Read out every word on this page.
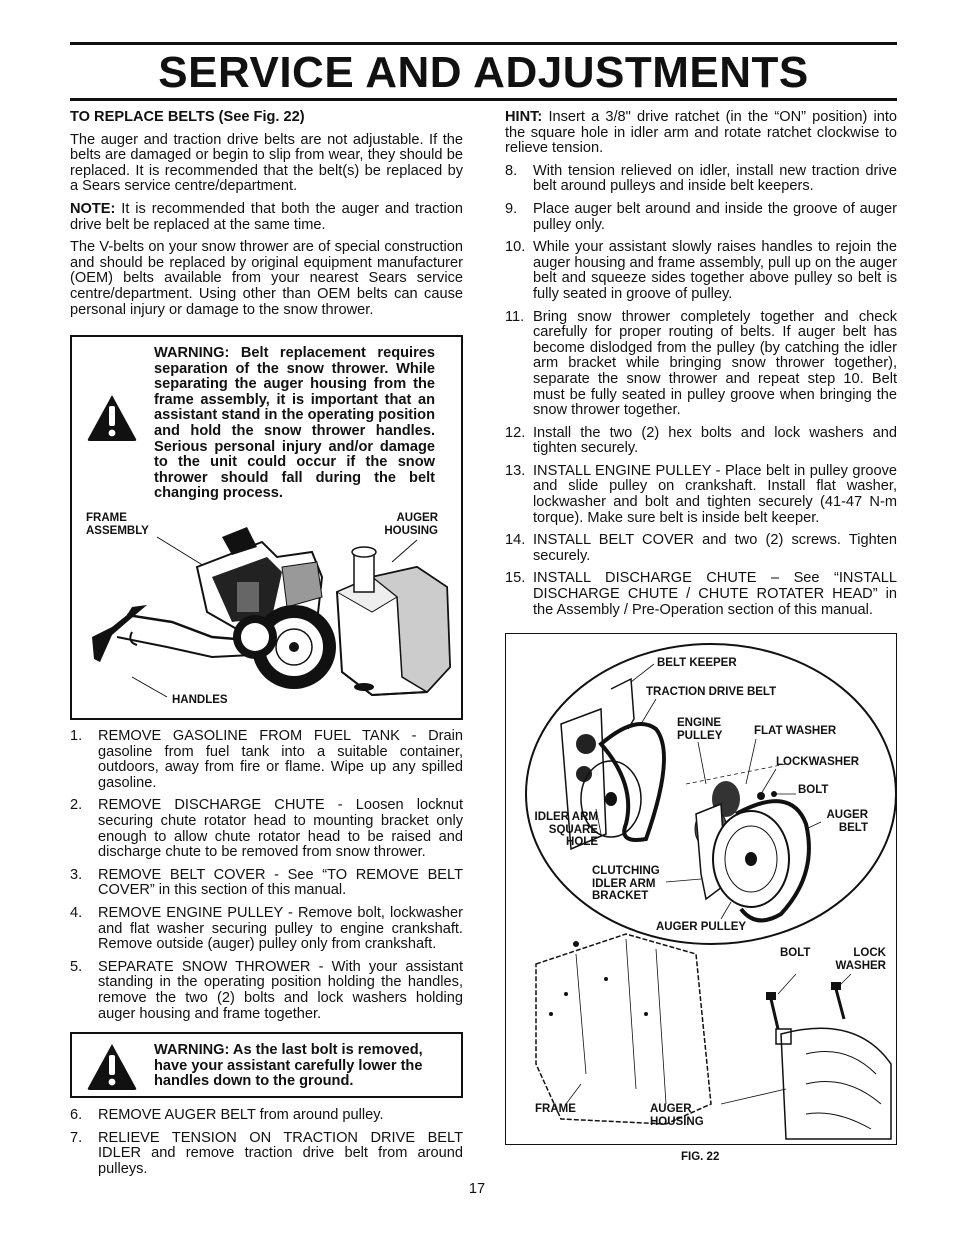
SERVICE AND ADJUSTMENTS

TO REPLACE BELTS (See Fig. 22)

The auger and traction drive belts are not adjustable. If the belts are damaged or begin to slip from wear, they should be replaced. It is recommended that the belt(s) be replaced by a Sears service centre/department.

NOTE: It is recommended that both the auger and traction drive belt be replaced at the same time.

The V-belts on your snow thrower are of special construction and should be replaced by original equipment manufacturer (OEM) belts available from your nearest Sears service centre/department. Using other than OEM belts can cause personal injury or damage to the snow thrower.

WARNING: Belt replacement requires separation of the snow thrower. While separating the auger housing from the frame assembly, it is important that an assistant stand in the operating position and hold the snow thrower handles. Serious personal injury and/or damage to the unit could occur if the snow thrower should fall during the belt changing process.
FRAME
ASSEMBLY
AUGER
HOUSING
HANDLES
1. REMOVE GASOLINE FROM FUEL TANK - Drain gasoline from fuel tank into a suitable container, outdoors, away from fire or flame. Wipe up any spilled gasoline.
2. REMOVE DISCHARGE CHUTE - Loosen locknut securing chute rotator head to mounting bracket only enough to allow chute rotator head to be raised and discharge chute to be removed from snow thrower.
3. REMOVE BELT COVER - See “TO REMOVE BELT COVER” in this section of this manual.
4. REMOVE ENGINE PULLEY - Remove bolt, lockwasher and flat washer securing pulley to engine crankshaft. Remove outside (auger) pulley only from crankshaft.
5. SEPARATE SNOW THROWER - With your assistant standing in the operating position holding the handles, remove the two (2) bolts and lock washers holding auger housing and frame together.
WARNING: As the last bolt is removed, have your assistant carefully lower the handles down to the ground.
6. REMOVE AUGER BELT from around pulley.
7. RELIEVE TENSION ON TRACTION DRIVE BELT IDLER and remove traction drive belt from around pulleys.

HINT: Insert a 3/8" drive ratchet (in the “ON” position) into the square hole in idler arm and rotate ratchet clockwise to relieve tension.

8. With tension relieved on idler, install new traction drive belt around pulleys and inside belt keepers.
9. Place auger belt around and inside the groove of auger pulley only.
10. While your assistant slowly raises handles to rejoin the auger housing and frame assembly, pull up on the auger belt and squeeze sides together above pulley so belt is fully seated in groove of pulley.
11. Bring snow thrower completely together and check carefully for proper routing of belts. If auger belt has become dislodged from the pulley (by catching the idler arm bracket while bringing snow thrower together), separate the snow thrower and repeat step 10. Belt must be fully seated in pulley groove when bringing the snow thrower together.
12. Install the two (2) hex bolts and lock washers and tighten securely.
13. INSTALL ENGINE PULLEY - Place belt in pulley groove and slide pulley on crankshaft. Install flat washer, lockwasher and bolt and tighten securely (41-47 N-m torque). Make sure belt is inside belt keeper.
14. INSTALL BELT COVER and two (2) screws. Tighten securely.
15. INSTALL DISCHARGE CHUTE – See “INSTALL DISCHARGE CHUTE / CHUTE ROTATER HEAD” in the Assembly / Pre-Operation section of this manual.
BELT KEEPER
TRACTION DRIVE BELT
ENGINE
PULLEY	FLAT WASHER
LOCKWASHER
BOLT
AUGER
BELT
IDLER ARM
SQUARE
HOLE
CLUTCHING
IDLER ARM
BRACKET
AUGER PULLEY
BOLT	LOCK
WASHER
FRAME	AUGER
HOUSING
FIG. 22
17
